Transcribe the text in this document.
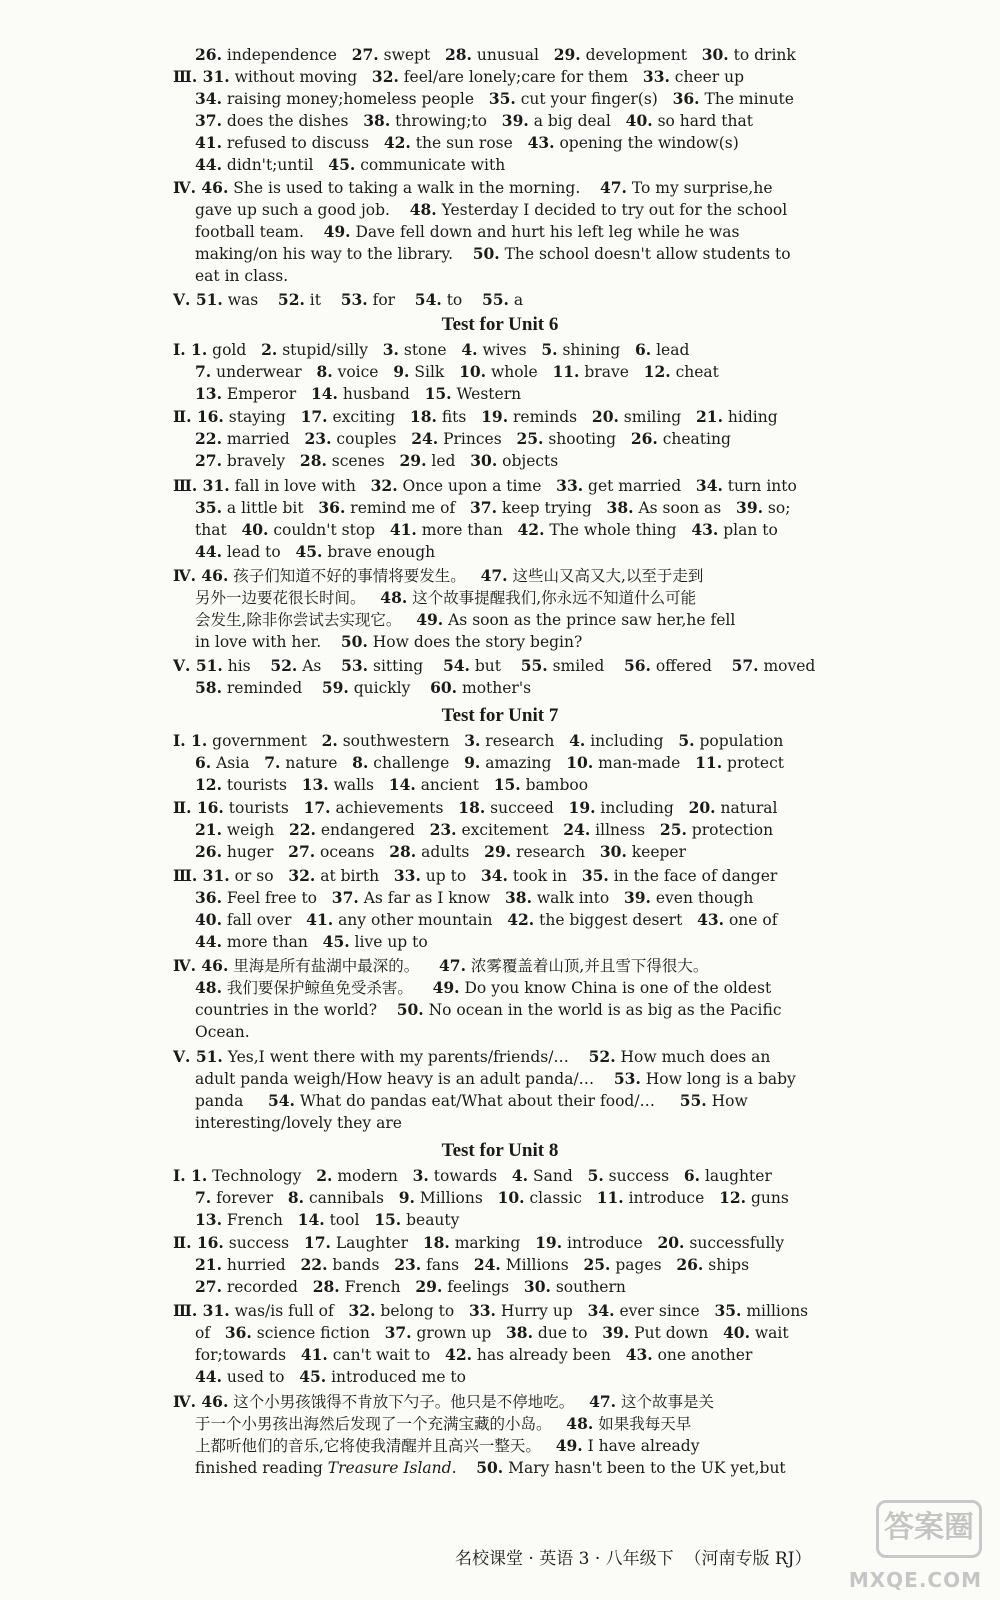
26. independence   27. swept   28. unusual   29. development   30. to drink
Ⅲ. 31. without moving   32. feel/are lonely;care for them   33. cheer up
34. raising money;homeless people   35. cut your finger(s)   36. The minute
37. does the dishes   38. throwing;to   39. a big deal   40. so hard that
41. refused to discuss   42. the sun rose   43. opening the window(s)
44. didn't;until   45. communicate with
Ⅳ. 46. She is used to taking a walk in the morning.    47. To my surprise,he
gave up such a good job.    48. Yesterday I decided to try out for the school
football team.    49. Dave fell down and hurt his left leg while he was
making/on his way to the library.    50. The school doesn't allow students to
eat in class.
Ⅴ. 51. was    52. it    53. for    54. to    55. a
Ⅰ. 1. gold   2. stupid/silly   3. stone   4. wives   5. shining   6. lead
7. underwear   8. voice   9. Silk   10. whole   11. brave   12. cheat
13. Emperor   14. husband   15. Western
Ⅱ. 16. staying   17. exciting   18. fits   19. reminds   20. smiling   21. hiding
22. married   23. couples   24. Princes   25. shooting   26. cheating
27. bravely   28. scenes   29. led   30. objects
Ⅲ. 31. fall in love with   32. Once upon a time   33. get married   34. turn into
35. a little bit   36. remind me of   37. keep trying   38. As soon as   39. so;
that   40. couldn't stop   41. more than   42. The whole thing   43. plan to
44. lead to   45. brave enough
Ⅳ. 46. 孩子们知道不好的事情将要发生。   47. 这些山又高又大,以至于走到
另外一边要花很长时间。   48. 这个故事提醒我们,你永远不知道什么可能
会发生,除非你尝试去实现它。   49. As soon as the prince saw her,he fell
in love with her.    50. How does the story begin?
Ⅴ. 51. his    52. As    53. sitting    54. but    55. smiled    56. offered    57. moved
58. reminded    59. quickly    60. mother's
Ⅰ. 1. government   2. southwestern   3. research   4. including   5. population
6. Asia   7. nature   8. challenge   9. amazing   10. man-made   11. protect
12. tourists   13. walls   14. ancient   15. bamboo
Ⅱ. 16. tourists   17. achievements   18. succeed   19. including   20. natural
21. weigh   22. endangered   23. excitement   24. illness   25. protection
26. huger   27. oceans   28. adults   29. research   30. keeper
Ⅲ. 31. or so   32. at birth   33. up to   34. took in   35. in the face of danger
36. Feel free to   37. As far as I know   38. walk into   39. even though
40. fall over   41. any other mountain   42. the biggest desert   43. one of
44. more than   45. live up to
Ⅳ. 46. 里海是所有盐湖中最深的。    47. 浓雾覆盖着山顶,并且雪下得很大。
48. 我们要保护鲸鱼免受杀害。    49. Do you know China is one of the oldest
countries in the world?    50. No ocean in the world is as big as the Pacific
Ocean.
Ⅴ. 51. Yes,I went there with my parents/friends/…    52. How much does an
adult panda weigh/How heavy is an adult panda/…    53. How long is a baby
panda     54. What do pandas eat/What about their food/…     55. How
interesting/lovely they are
Ⅰ. 1. Technology   2. modern   3. towards   4. Sand   5. success   6. laughter
7. forever   8. cannibals   9. Millions   10. classic   11. introduce   12. guns
13. French   14. tool   15. beauty
Ⅱ. 16. success   17. Laughter   18. marking   19. introduce   20. successfully
21. hurried   22. bands   23. fans   24. Millions   25. pages   26. ships
27. recorded   28. French   29. feelings   30. southern
Ⅲ. 31. was/is full of   32. belong to   33. Hurry up   34. ever since   35. millions
of   36. science fiction   37. grown up   38. due to   39. Put down   40. wait
for;towards   41. can't wait to   42. has already been   43. one another
44. used to   45. introduced me to
Ⅳ. 46. 这个小男孩饿得不肯放下勺子。他只是不停地吃。   47. 这个故事是关
于一个小男孩出海然后发现了一个充满宝藏的小岛。   48. 如果我每天早
上都听他们的音乐,它将使我清醒并且高兴一整天。   49. I have already
finished reading Treasure Island.    50. Mary hasn't been to the UK yet,but
Test for Unit 6
Test for Unit 7
Test for Unit 8
名校课堂 · 英语 3 · 八年级下  （河南专版 RJ）
答案圈
MXQE.COM
